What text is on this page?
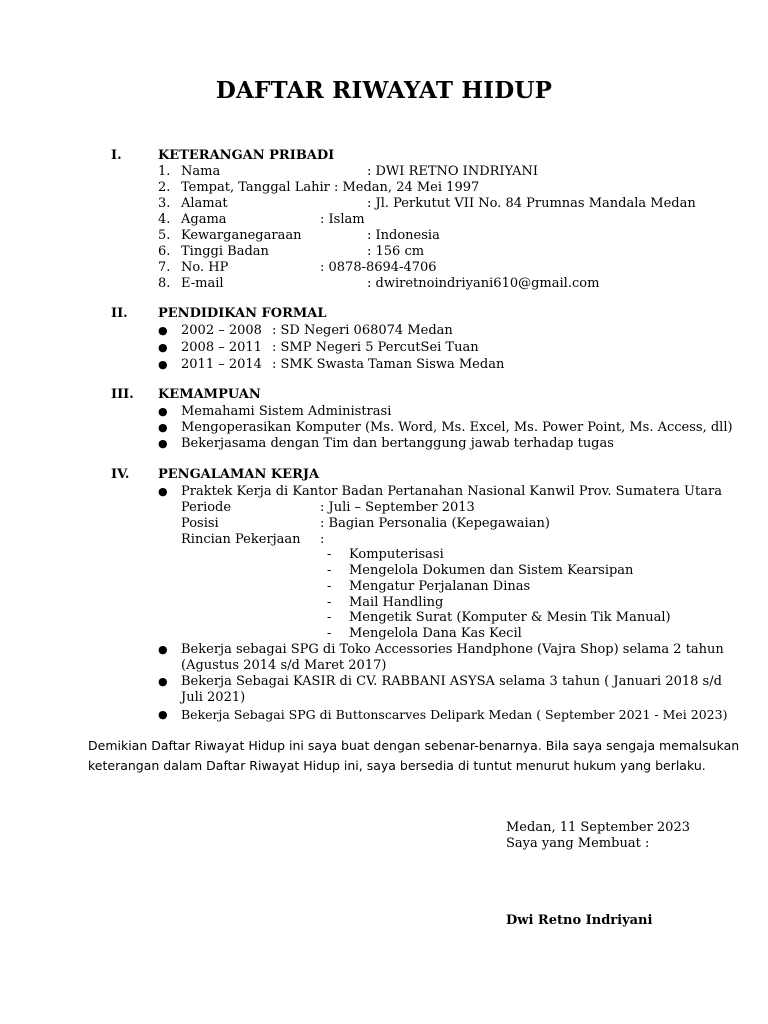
DAFTAR RIWAYAT HIDUP
I.	KETERANGAN PRIBADI
1. Nama	: DWI RETNO INDRIYANI
2. Tempat, Tanggal Lahir : Medan, 24 Mei 1997
3. Alamat	: Jl. Perkutut VII No. 84 Prumnas Mandala Medan
4. Agama	: Islam
5. Kewarganegaraan	: Indonesia
6. Tinggi Badan	: 156 cm
7. No. HP	: 0878-8694-4706
8. E-mail	: dwiretnoindriyani610@gmail.com
II. PENDIDIKAN FORMAL
● 2002 – 2008 : SD Negeri 068074 Medan
● 2008 – 2011 : SMP Negeri 5 PercutSei Tuan
● 2011 – 2014 : SMK Swasta Taman Siswa Medan
III. KEMAMPUAN
● Memahami Sistem Administrasi
● Mengoperasikan Komputer (Ms. Word, Ms. Excel, Ms. Power Point, Ms. Access, dll)
● Bekerjasama dengan Tim dan bertanggung jawab terhadap tugas
IV. PENGALAMAN KERJA
● Praktek Kerja di Kantor Badan Pertanahan Nasional Kanwil Prov. Sumatera Utara
Periode	: Juli – September 2013
Posisi	: Bagian Personalia (Kepegawaian)
Rincian Pekerjaan :
- Komputerisasi
- Mengelola Dokumen dan Sistem Kearsipan
- Mengatur Perjalanan Dinas
- Mail Handling
- Mengetik Surat (Komputer & Mesin Tik Manual)
- Mengelola Dana Kas Kecil
● Bekerja sebagai SPG di Toko Accessories Handphone (Vajra Shop) selama 2 tahun
(Agustus 2014 s/d Maret 2017)
● Bekerja Sebagai KASIR di CV. RABBANI ASYSA selama 3 tahun ( Januari 2018 s/d
Juli 2021)
● Bekerja Sebagai SPG di Buttonscarves Delipark Medan ( September 2021 - Mei 2023)
Demikian Daftar Riwayat Hidup ini saya buat dengan sebenar-benarnya. Bila saya sengaja memalsukan
keterangan dalam Daftar Riwayat Hidup ini, saya bersedia di tuntut menurut hukum yang berlaku.
Medan, 11 September 2023
Saya yang Membuat :
Dwi Retno Indriyani
